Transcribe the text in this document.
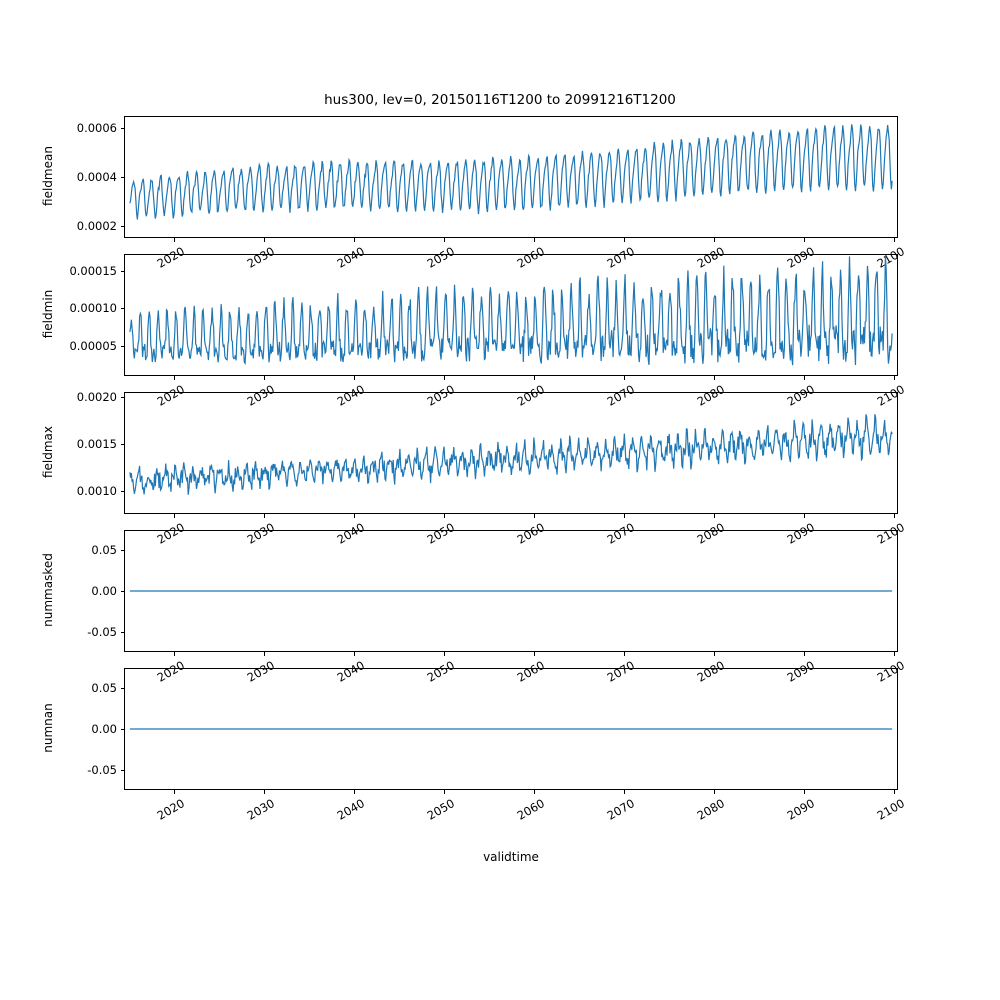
hus300, lev=0, 20150116T1200 to 20991216T1200
0.0002
0.0004
0.0006
fieldmean
2020	2030	2040	2050	2060	2070	2080	2090	2100
0.00005
0.00010
0.00015
fieldmin
2020	2030	2040	2050	2060	2070	2080	2090	2100
0.0010
0.0015
0.0020
fieldmax
2020	2030	2040	2050	2060	2070	2080	2090	2100
-0.05
0.00
0.05
nummasked
2020	2030	2040	2050	2060	2070	2080	2090	2100
-0.05
0.00
0.05
numnan
2020	2030	2040	2050	2060	2070	2080	2090	2100
validtime
